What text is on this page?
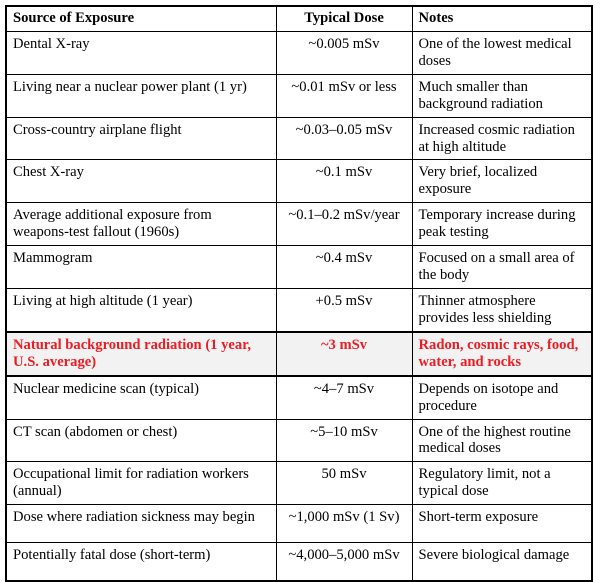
Source of Exposure	Typical Dose	Notes
Dental X-ray	~0.005 mSv	One of the lowest medical doses
Living near a nuclear power plant (1 yr)	~0.01 mSv or less	Much smaller than background radiation
Cross-country airplane flight	~0.03–0.05 mSv	Increased cosmic radiation at high altitude
Chest X-ray	~0.1 mSv	Very brief, localized exposure
Average additional exposure from weapons-test fallout (1960s)	~0.1–0.2 mSv/year	Temporary increase during peak testing
Mammogram	~0.4 mSv	Focused on a small area of the body
Living at high altitude (1 year)	+0.5 mSv	Thinner atmosphere provides less shielding
Natural background radiation (1 year, U.S. average)	~3 mSv	Radon, cosmic rays, food, water, and rocks
Nuclear medicine scan (typical)	~4–7 mSv	Depends on isotope and procedure
CT scan (abdomen or chest)	~5–10 mSv	One of the highest routine medical doses
Occupational limit for radiation workers (annual)	50 mSv	Regulatory limit, not a typical dose
Dose where radiation sickness may begin	~1,000 mSv (1 Sv)	Short-term exposure
Potentially fatal dose (short-term)	~4,000–5,000 mSv	Severe biological damage
